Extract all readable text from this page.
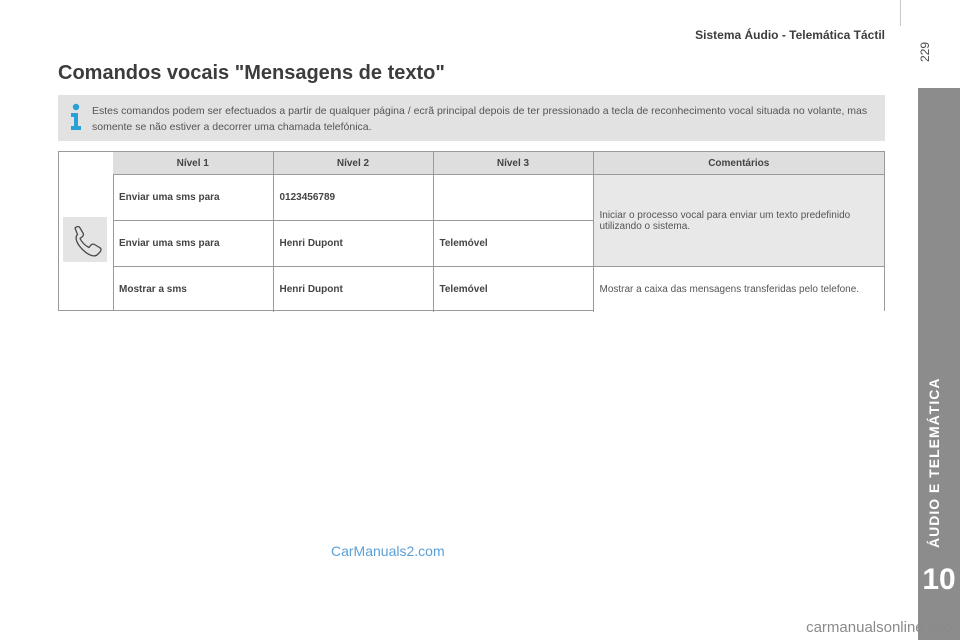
Sistema Áudio - Telemática Táctil
229
ÁUDIO E TELEMÁTICA
10
Comandos vocais "Mensagens de texto"
Estes comandos podem ser efectuados a partir de qualquer página / ecrã principal depois de ter pressionado a tecla de reconhecimento vocal situada no volante, mas somente se não estiver a decorrer uma chamada telefónica.
Nível 1	Nível 2	Nível 3	Comentários
Enviar uma sms para	0123456789		Iniciar o processo vocal para enviar um texto predefinido utilizando o sistema.
Enviar uma sms para	Henri Dupont	Telemóvel	
Mostrar a sms	Henri Dupont	Telemóvel	Mostrar a caixa das mensagens transferidas pelo telefone.
CarManuals2.com
carmanualsonline.info
